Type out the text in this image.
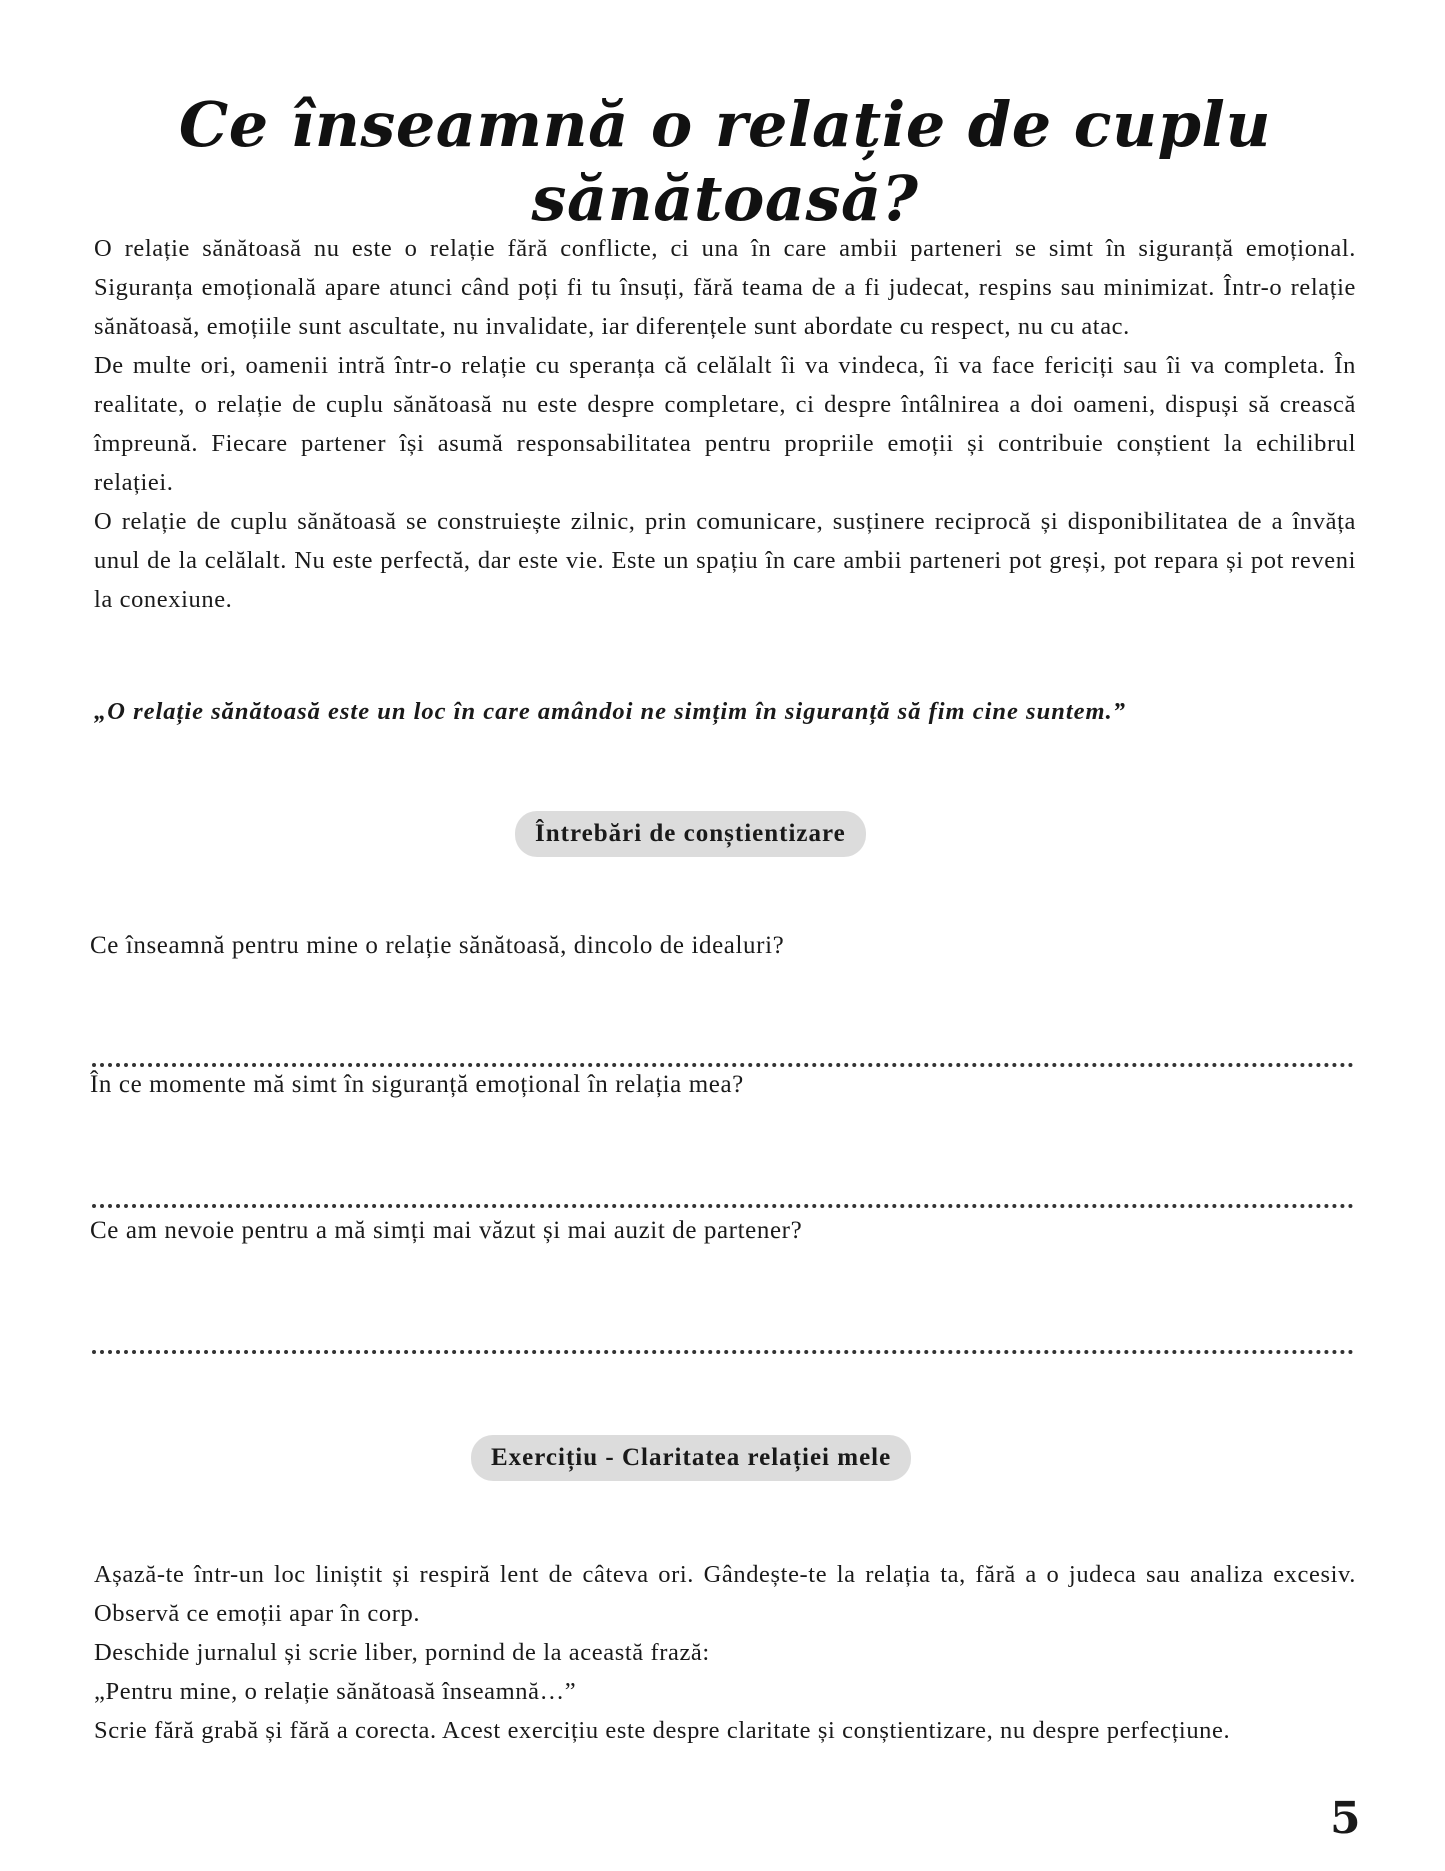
Ce înseamnă o relație de cuplu sănătoasă?

O relație sănătoasă nu este o relație fără conflicte, ci una în care ambii parteneri se simt în siguranță emoțional. Siguranța emoțională apare atunci când poți fi tu însuți, fără teama de a fi judecat, respins sau minimizat. Într-o relație sănătoasă, emoțiile sunt ascultate, nu invalidate, iar diferențele sunt abordate cu respect, nu cu atac.

De multe ori, oamenii intră într-o relație cu speranța că celălalt îi va vindeca, îi va face fericiți sau îi va completa. În realitate, o relație de cuplu sănătoasă nu este despre completare, ci despre întâlnirea a doi oameni, dispuși să crească împreună. Fiecare partener își asumă responsabilitatea pentru propriile emoții și contribuie conștient la echilibrul relației.

O relație de cuplu sănătoasă se construiește zilnic, prin comunicare, susținere reciprocă și disponibilitatea de a învăța unul de la celălalt. Nu este perfectă, dar este vie. Este un spațiu în care ambii parteneri pot greși, pot repara și pot reveni la conexiune.

„O relație sănătoasă este un loc în care amândoi ne simțim în siguranță să fim cine suntem.”

Întrebări de conștientizare

Ce înseamnă pentru mine o relație sănătoasă, dincolo de idealuri?

În ce momente mă simt în siguranță emoțional în relația mea?

Ce am nevoie pentru a mă simți mai văzut și mai auzit de partener?

Exercițiu - Claritatea relației mele

Așază-te într-un loc liniștit și respiră lent de câteva ori. Gândește-te la relația ta, fără a o judeca sau analiza excesiv. Observă ce emoții apar în corp.

Deschide jurnalul și scrie liber, pornind de la această frază:

„Pentru mine, o relație sănătoasă înseamnă…”

Scrie fără grabă și fără a corecta. Acest exercițiu este despre claritate și conștientizare, nu despre perfecțiune.

5
